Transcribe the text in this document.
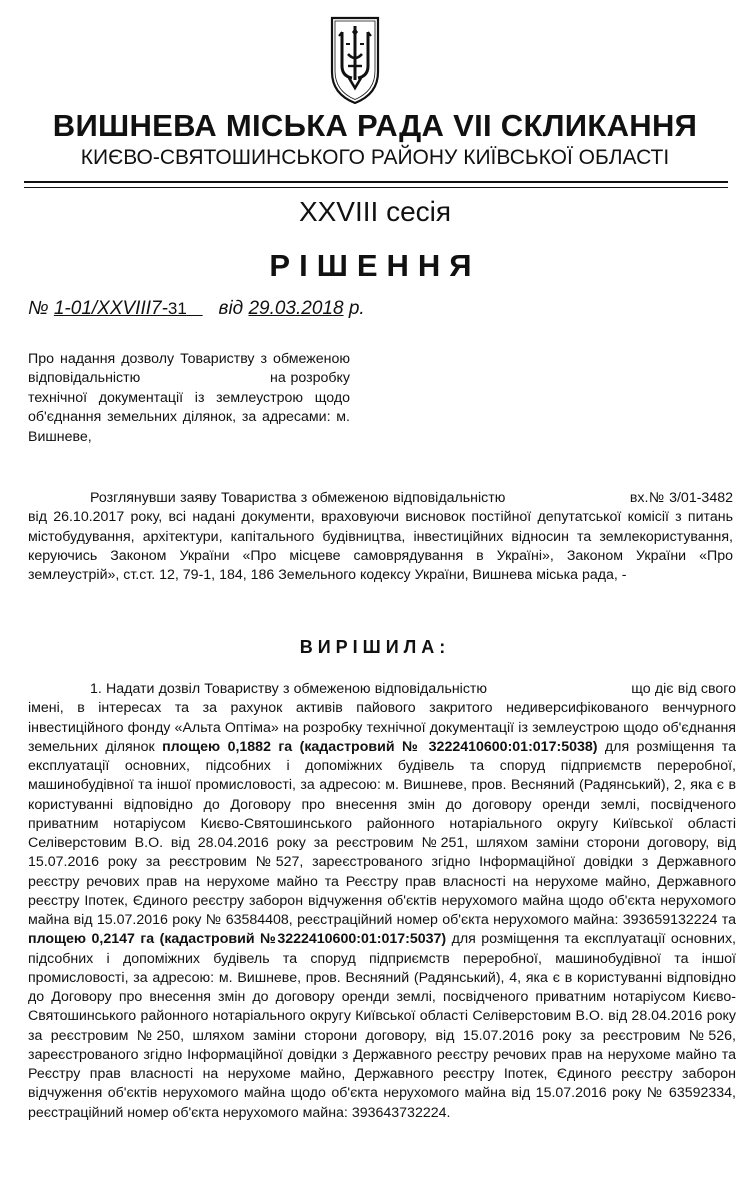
ВИШНЕВА МІСЬКА РАДА VII СКЛИКАННЯ
КИЄВО-СВЯТОШИНСЬКОГО РАЙОНУ КИЇВСЬКОЇ ОБЛАСТІ
XXVIII сесія
РІШЕННЯ
№ 1-01/XXVIII7-31 від 29.03.2018 р.
Про надання дозволу Товариству з обмеженою відповідальністю	на розробку технічної документації із землеустрою щодо об'єднання земельних ділянок, за адресами: м. Вишневе,
Розглянувши заяву Товариства з обмеженою відповідальністю	вх.№ 3/01-3482 від 26.10.2017 року, всі надані документи, враховуючи висновок постійної депутатської комісії з питань містобудування, архітектури, капітального будівництва, інвестиційних відносин та землекористування, керуючись Законом України «Про місцеве самоврядування в Україні», Законом України «Про землеустрій», ст.ст. 12, 79-1, 184, 186 Земельного кодексу України, Вишнева міська рада, -
ВИРІШИЛА:
1. Надати дозвіл Товариству з обмеженою відповідальністю	що діє від свого імені, в інтересах та за рахунок активів пайового закритого недиверсифікованого венчурного інвестиційного фонду «Альта Оптіма» на розробку технічної документації із землеустрою щодо об'єднання земельних ділянок площею 0,1882 га (кадастровий № 3222410600:01:017:5038) для розміщення та експлуатації основних, підсобних і допоміжних будівель та споруд підприємств переробної, машинобудівної та іншої промисловості, за адресою: м. Вишневе, пров. Весняний (Радянський), 2, яка є в користуванні відповідно до Договору про внесення змін до договору оренди землі, посвідченого приватним нотаріусом Києво-Святошинського районного нотаріального округу Київської області Селіверстовим В.О. від 28.04.2016 року за реєстровим №251, шляхом заміни сторони договору, від 15.07.2016 року за реєстровим №527, зареєстрованого згідно Інформаційної довідки з Державного реєстру речових прав на нерухоме майно та Реєстру прав власності на нерухоме майно, Державного реєстру Іпотек, Єдиного реєстру заборон відчуження об'єктів нерухомого майна щодо об'єкта нерухомого майна від 15.07.2016 року № 63584408, реєстраційний номер об'єкта нерухомого майна: 393659132224 та площею 0,2147 га (кадастровий №3222410600:01:017:5037) для розміщення та експлуатації основних, підсобних і допоміжних будівель та споруд підприємств переробної, машинобудівної та іншої промисловості, за адресою: м. Вишневе, пров. Весняний (Радянський), 4, яка є в користуванні відповідно до Договору про внесення змін до договору оренди землі, посвідченого приватним нотаріусом Києво-Святошинського районного нотаріального округу Київської області Селіверстовим В.О. від 28.04.2016 року за реєстровим №250, шляхом заміни сторони договору, від 15.07.2016 року за реєстровим №526, зареєстрованого згідно Інформаційної довідки з Державного реєстру речових прав на нерухоме майно та Реєстру прав власності на нерухоме майно, Державного реєстру Іпотек, Єдиного реєстру заборон відчуження об'єктів нерухомого майна щодо об'єкта нерухомого майна від 15.07.2016 року № 63592334, реєстраційний номер об'єкта нерухомого майна: 393643732224.
